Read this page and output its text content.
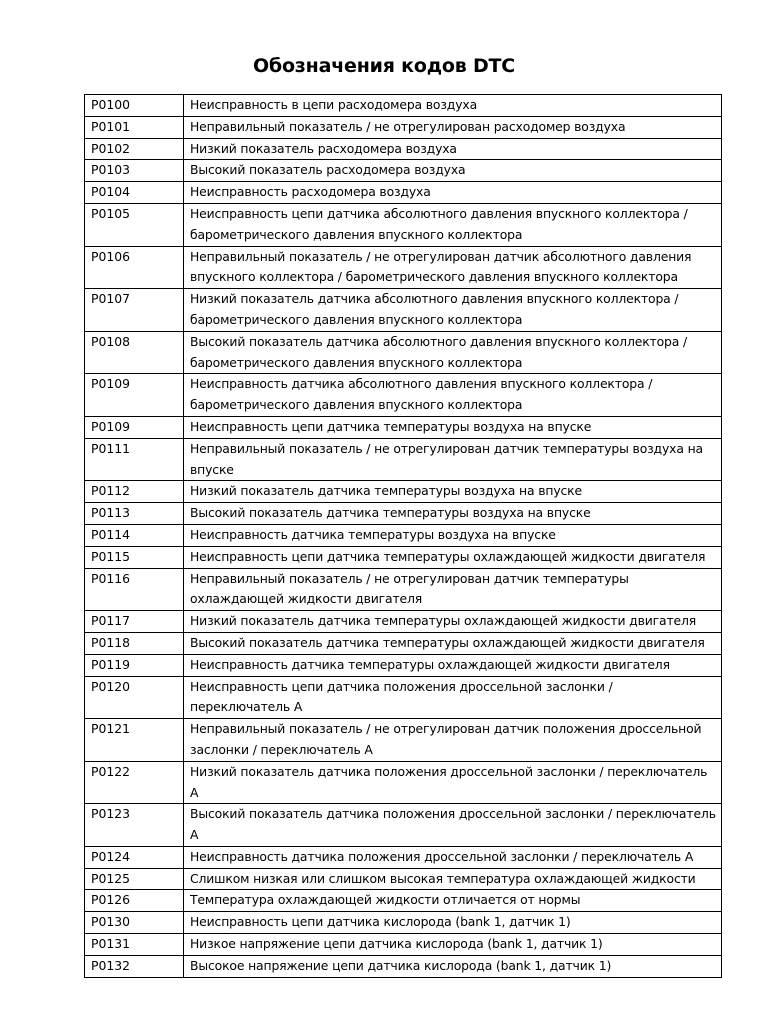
Обозначения кодов DTC
P0100	Неисправность в цепи расходомера воздуха
P0101	Неправильный показатель / не отрегулирован расходомер воздуха
P0102	Низкий показатель расходомера воздуха
P0103	Высокий показатель расходомера воздуха
P0104	Неисправность расходомера воздуха
P0105	Неисправность цепи датчика абсолютного давления впускного коллектора / барометрического давления впускного коллектора
P0106	Неправильный показатель / не отрегулирован датчик абсолютного давления впускного коллектора / барометрического давления впускного коллектора
P0107	Низкий показатель датчика абсолютного давления впускного коллектора / барометрического давления впускного коллектора
P0108	Высокий показатель датчика абсолютного давления впускного коллектора / барометрического давления впускного коллектора
P0109	Неисправность датчика абсолютного давления впускного коллектора / барометрического давления впускного коллектора
P0109	Неисправность цепи датчика температуры воздуха на впуске
P0111	Неправильный показатель / не отрегулирован датчик температуры воздуха на впуске
P0112	Низкий показатель датчика температуры воздуха на впуске
P0113	Высокий показатель датчика температуры воздуха на впуске
P0114	Неисправность датчика температуры воздуха на впуске
P0115	Неисправность цепи датчика температуры охлаждающей жидкости двигателя
P0116	Неправильный показатель / не отрегулирован датчик температуры охлаждающей жидкости двигателя
P0117	Низкий показатель датчика температуры охлаждающей жидкости двигателя
P0118	Высокий показатель датчика температуры охлаждающей жидкости двигателя
P0119	Неисправность датчика температуры охлаждающей жидкости двигателя
P0120	Неисправность цепи датчика положения дроссельной заслонки / переключатель А
P0121	Неправильный показатель / не отрегулирован датчик положения дроссельной заслонки / переключатель А
P0122	Низкий показатель датчика положения дроссельной заслонки / переключатель А
P0123	Высокий показатель датчика положения дроссельной заслонки / переключатель А
P0124	Неисправность датчика положения дроссельной заслонки / переключатель А
P0125	Слишком низкая или слишком высокая температура охлаждающей жидкости
P0126	Температура охлаждающей жидкости отличается от нормы
P0130	Неисправность цепи датчика кислорода (bank 1, датчик 1)
P0131	Низкое напряжение цепи датчика кислорода (bank 1, датчик 1)
P0132	Высокое напряжение цепи датчика кислорода (bank 1, датчик 1)
